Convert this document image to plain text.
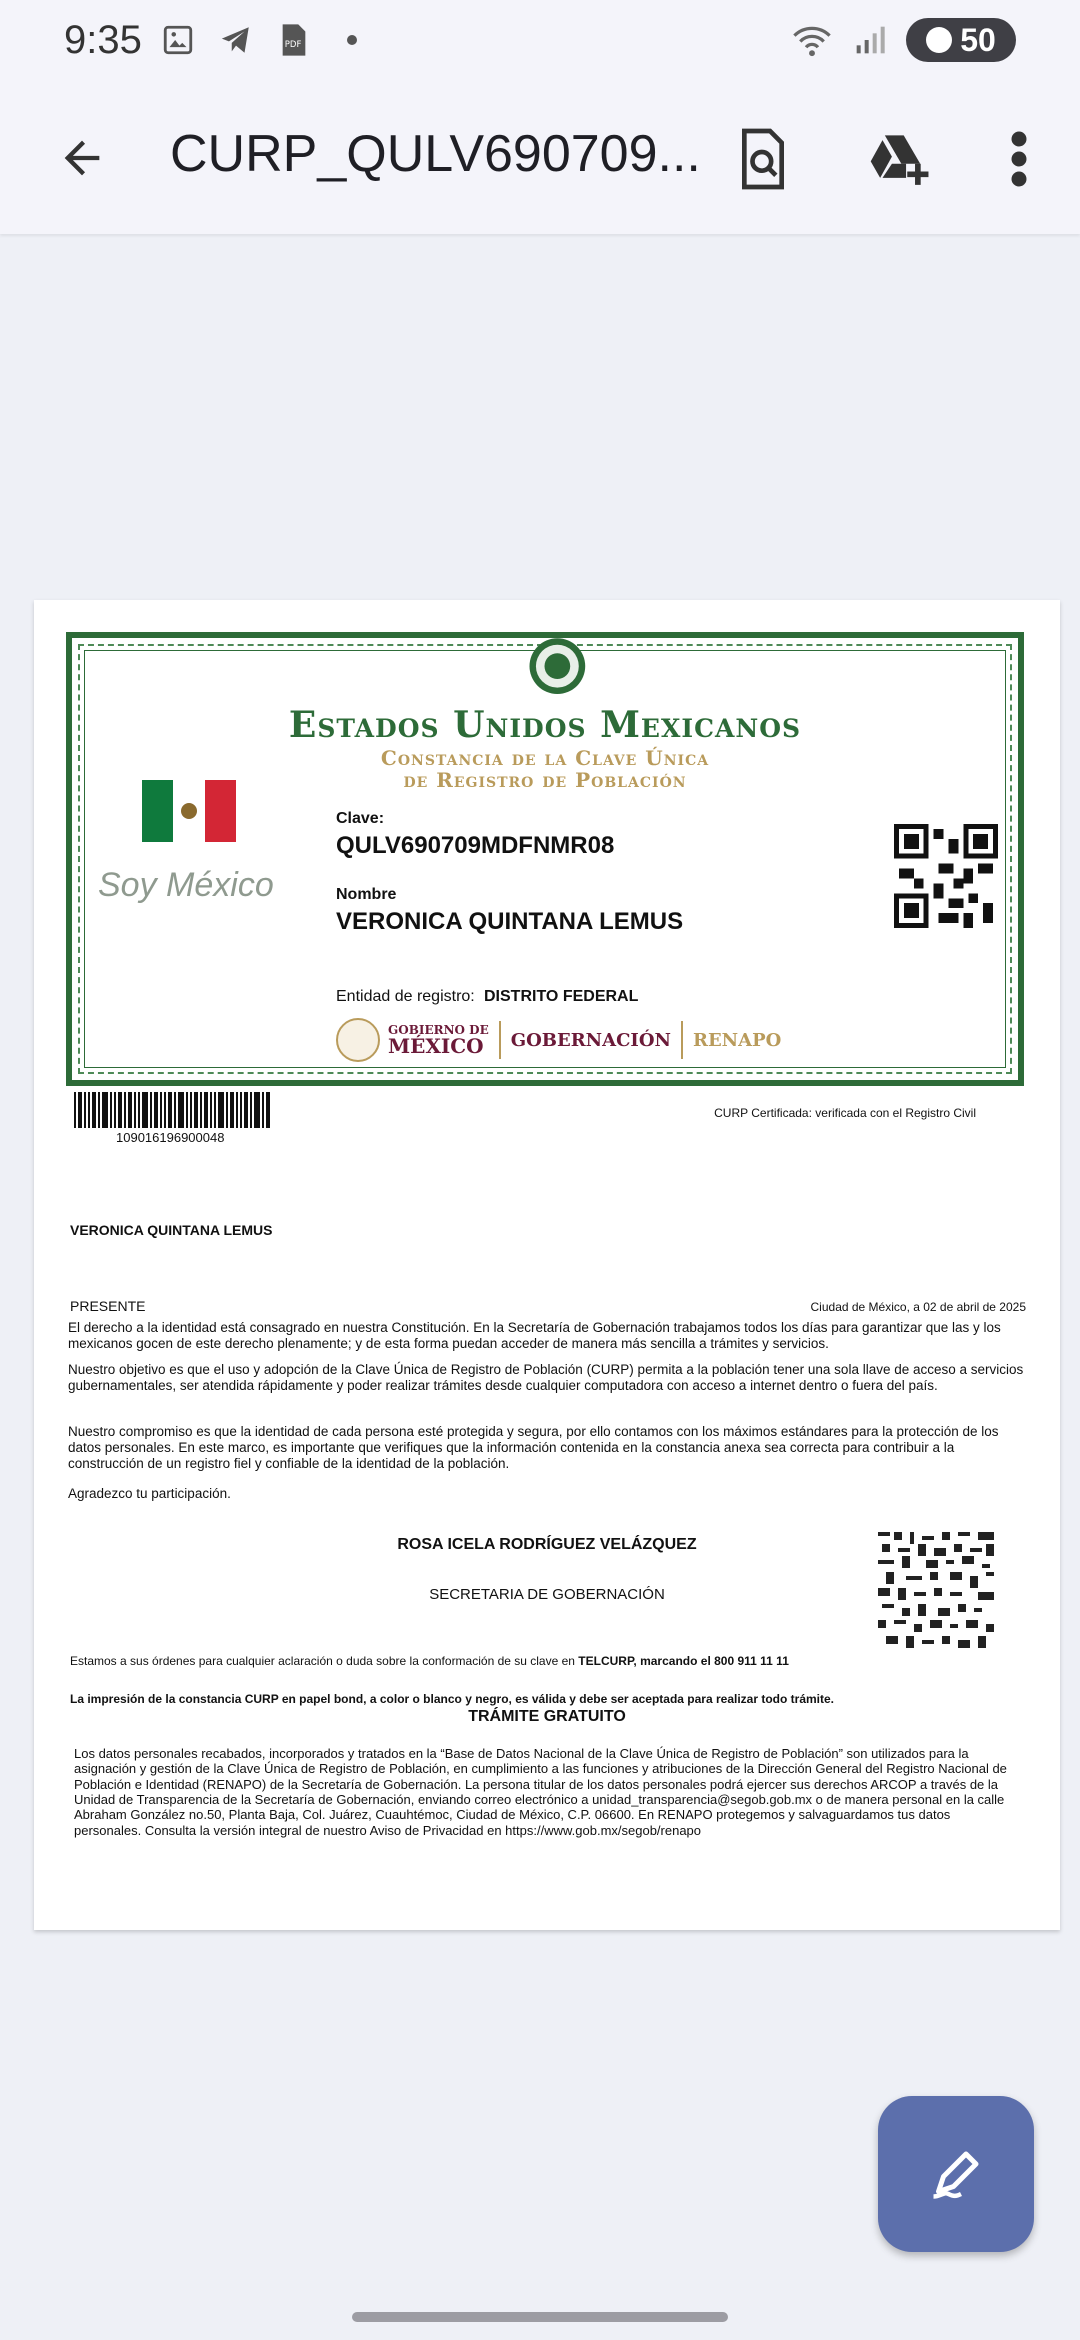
9:35	PDF	50
CURP_QULV690709...
Estados Unidos Mexicanos
Constancia de la Clave Única
de Registro de Población
Soy México
Clave:
QULV690709MDFNMR08
Nombre
VERONICA QUINTANA LEMUS
Entidad de registro: DISTRITO FEDERAL
GOBIERNO DE
MÉXICO GOBERNACIÓN RENAPO
109016196900048
CURP Certificada: verificada con el Registro Civil
VERONICA QUINTANA LEMUS
PRESENTE	Ciudad de México, a 02 de abril de 2025
El derecho a la identidad está consagrado en nuestra Constitución. En la Secretaría de Gobernación trabajamos todos los días para garantizar que las y los mexicanos gocen de este derecho plenamente; y de esta forma puedan acceder de manera más sencilla a trámites y servicios.
Nuestro objetivo es que el uso y adopción de la Clave Única de Registro de Población (CURP) permita a la población tener una sola llave de acceso a servicios gubernamentales, ser atendida rápidamente y poder realizar trámites desde cualquier computadora con acceso a internet dentro o fuera del país.
Nuestro compromiso es que la identidad de cada persona esté protegida y segura, por ello contamos con los máximos estándares para la protección de los datos personales. En este marco, es importante que verifiques que la información contenida en la constancia anexa sea correcta para contribuir a la construcción de un registro fiel y confiable de la identidad de la población.
Agradezco tu participación.
ROSA ICELA RODRÍGUEZ VELÁZQUEZ
SECRETARIA DE GOBERNACIÓN
Estamos a sus órdenes para cualquier aclaración o duda sobre la conformación de su clave en TELCURP, marcando el 800 911 11 11
La impresión de la constancia CURP en papel bond, a color o blanco y negro, es válida y debe ser aceptada para realizar todo trámite.
TRÁMITE GRATUITO
Los datos personales recabados, incorporados y tratados en la “Base de Datos Nacional de la Clave Única de Registro de Población” son utilizados para la asignación y gestión de la Clave Única de Registro de Población, en cumplimiento a las funciones y atribuciones de la Dirección General del Registro Nacional de Población e Identidad (RENAPO) de la Secretaría de Gobernación. La persona titular de los datos personales podrá ejercer sus derechos ARCOP a través de la Unidad de Transparencia de la Secretaría de Gobernación, enviando correo electrónico a unidad_transparencia@segob.gob.mx o de manera personal en la calle Abraham González no.50, Planta Baja, Col. Juárez, Cuauhtémoc, Ciudad de México, C.P. 06600. En RENAPO protegemos y salvaguardamos tus datos personales. Consulta la versión integral de nuestro Aviso de Privacidad en https://www.gob.mx/segob/renapo
